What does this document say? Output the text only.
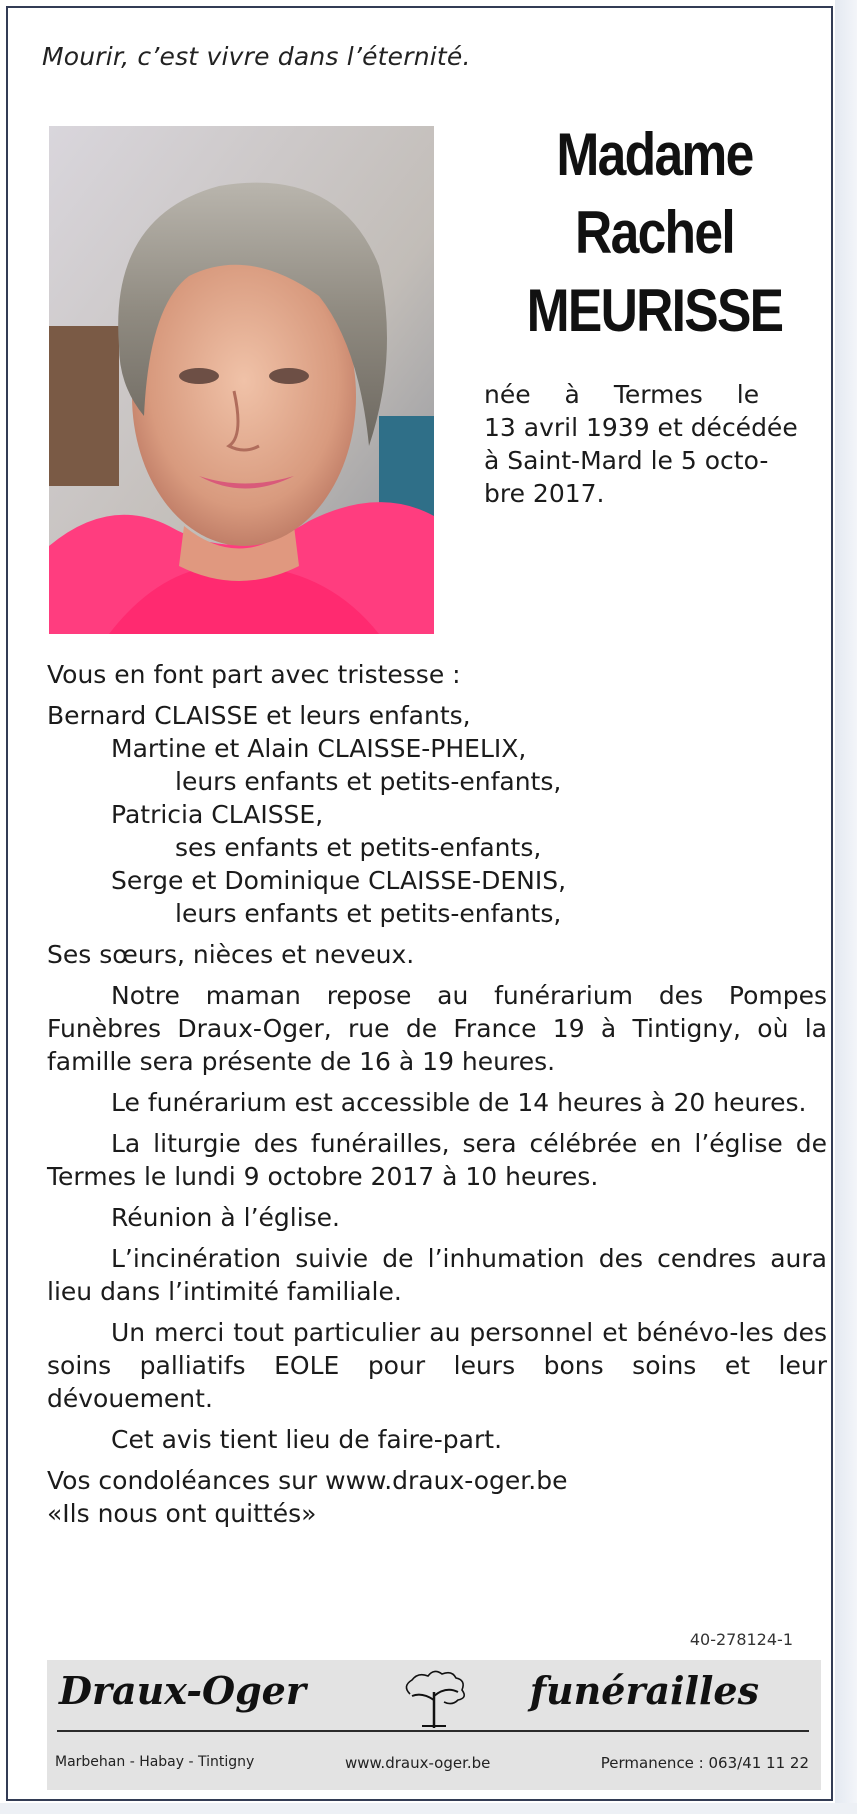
Mourir, c’est vivre dans l’éternité.
Madame
Rachel
MEURISSE
née à Termes le
13 avril 1939 et décédée
à Saint-Mard le 5 octo-
bre 2017.
Vous en font part avec tristesse :
Bernard CLAISSE et leurs enfants,
Martine et Alain CLAISSE-PHELIX,
leurs enfants et petits-enfants,
Patricia CLAISSE,
ses enfants et petits-enfants,
Serge et Dominique CLAISSE-DENIS,
leurs enfants et petits-enfants,
Ses sœurs, nièces et neveux.
Notre maman repose au funérarium des Pompes Funèbres Draux-Oger, rue de France 19 à Tintigny, où la famille sera présente de 16 à 19 heures.
Le funérarium est accessible de 14 heures à 20 heures.
La liturgie des funérailles, sera célébrée en l’église de Termes le lundi 9 octobre 2017 à 10 heures.
Réunion à l’église.
L’incinération suivie de l’inhumation des cendres aura lieu dans l’intimité familiale.
Un merci tout particulier au personnel et bénévo-les des soins palliatifs EOLE pour leurs bons soins et leur dévouement.
Cet avis tient lieu de faire-part.
Vos condoléances sur www.draux-oger.be
«Ils nous ont quittés»
40-278124-1
Draux-Oger	funérailles
Marbehan - Habay - Tintigny	www.draux-oger.be	Permanence : 063/41 11 22
